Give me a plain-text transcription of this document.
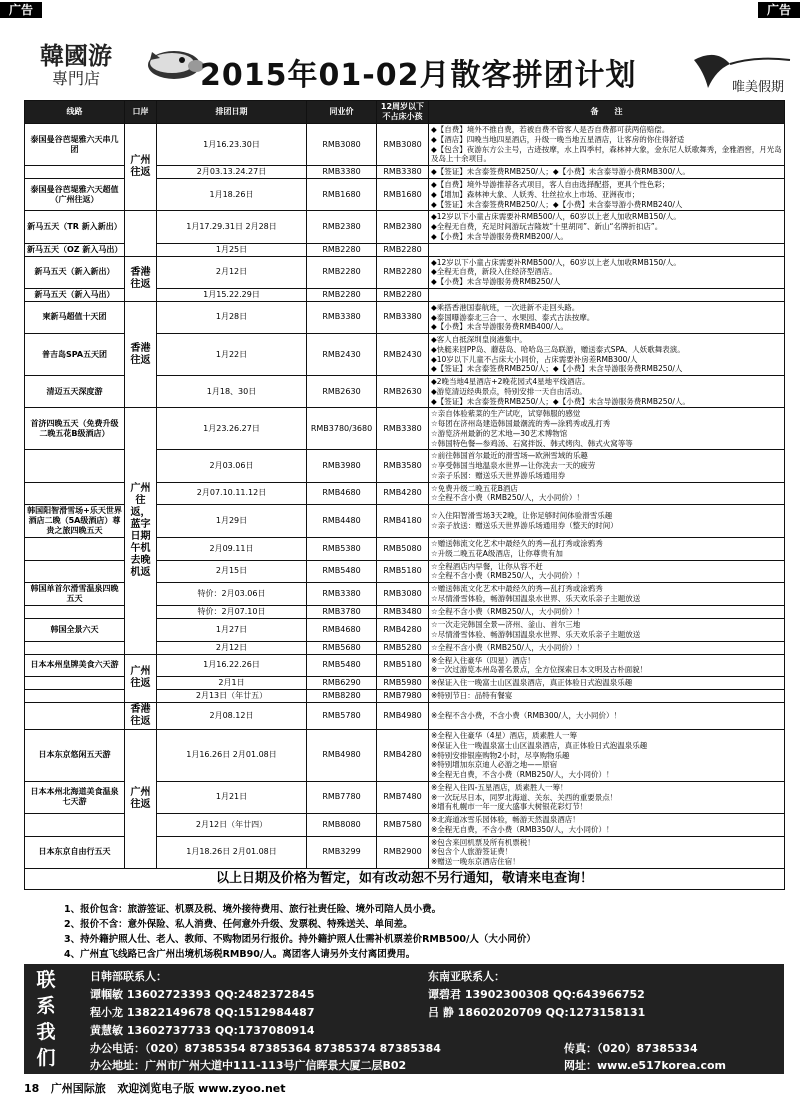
广告	广告
韓國游
專門店	2015年01-02月散客拼团计划	唯美假期
线路	口岸	排团日期	同业价	12周岁以下不占床小孩	备　　注
泰国曼谷芭堤雅六天串几团	广州往返	1月16.23.30日	RMB3080	RMB3080	◆【自费】境外不推自费，若被自费不管客人是否自费都可获两倍赔偿。
◆【酒店】四晚当地四星酒店，升级一晚当地五星酒店，让客房的你住得舒适
◆【包含】夜游东方公主号，古迹按摩，水上四季村，森林神大象，金东尼人妖歌舞秀，金雅酒窖，月光岛及岛上十余项目。
		2月03.13.24.27日	RMB3380	RMB3380	◆【签证】未含泰签费RMB250/人；◆【小费】未含泰导游小费RMB300/人。
泰国曼谷芭堤雅六天超值（广州往返）		1月18.26日	RMB1680	RMB1680	◆【自费】境外导游推荐各式项目，客人自由选择配搭，更具个性色彩；
◆【增加】森林神大象、人妖秀、壮丝拉水上市场、亚洲夜市；
◆【签证】未含泰签费RMB250/人；◆【小费】未含泰导游小费RMB240/人
新马五天（TR 新入新出）		1月17.29.31日 2月28日	RMB2380	RMB2380	◆12岁以下小童占床需要补RMB500/人，60岁以上老人加收RMB150/人。
◆全程无自费，充足时间游玩吉隆坡“十里胡同”、新山“名牌折扣店”。
◆【小费】未含导游服务费RMB200/人。
新马五天（OZ 新入马出）		1月25日	RMB2280	RMB2280	
新马五天（新入新出）	香港往返	2月12日	RMB2280	RMB2280	◆12岁以下小童占床需要补RMB500/人，60岁以上老人加收RMB150/人。
◆全程无自费，新段入住经济型酒店。
◆【小费】未含导游服务费RMB250/人
新马五天（新入马出）		1月15.22.29日	RMB2280	RMB2280	
柬新马超值十天团	香港往返	1月28日	RMB3380	RMB3380	◆乘搭香港国泰航班，一次进新不走回头路。
◆泰国曝游泰北三合一、水果园、泰式古法按摩。
◆【小费】未含导游服务费RMB400/人。
普吉岛SPA五天团		1月22日	RMB2430	RMB2430	◆客人自抵深圳皇岗港集中。
◆快艇来回PP岛、蘑菇岛、哈哈岛三岛联游，赠送泰式SPA、人妖歌舞表演。
◆10岁以下儿童不占床大小同价，占床需要补房差RMB300/人
◆【签证】未含泰签费RMB250/人；◆【小费】未含导游服务费RMB250/人
清迈五天深度游		1月18、30日	RMB2630	RMB2630	◆2晚当地4星酒店+2晚花园式4星地平线酒店。
◆游览清迈经典景点，特别安排一天自由活动。
◆【签证】未含泰签费RMB250/人；◆【小费】未含导游服务费RMB250/人。
首济四晚五天（免费升级二晚五花B级酒店）	广州往返，蓝字日期午机去晚机返	1月23.26.27日	RMB3780/3680	RMB3380	☆亲自体验紫菜的生产试吃，试穿韩服的感觉
☆每团在济州岛建造韩国最潮流的秀—涂鸦秀或乱打秀
☆游览济州最新的艺术地—30艺术博物馆
☆韩国特色餐—参鸡汤、石窝拌饭、韩式烤肉、韩式火窝等等
		2月03.06日	RMB3980	RMB3580	☆前往韩国首尔最近的滑雪场—欧洲雪域的乐趣
☆享受韩国当地温泉水世界—让你洗去一天的疲劳
☆亲子乐园：赠送乐天世界游乐场通用券
		2月07.10.11.12日	RMB4680	RMB4280	☆免费升级二晚五花B酒店
☆全程不含小费（RMB250/人，大小同价）！
韩国阳智滑雪场+乐天世界酒店二晚（5A级酒店）尊贵之旅四晚五天		1月29日	RMB4480	RMB4180	☆入住阳智滑雪场3天2晚，让你足够时间体验滑雪乐趣
☆亲子放送：赠送乐天世界游乐场通用券（整天的时间）
		2月09.11日	RMB5380	RMB5080	☆赠送韩流文化艺术中最经久的秀—乱打秀或涂鸦秀
☆升级二晚五花A级酒店，让你尊贵有加
		2月15日	RMB5480	RMB5180	☆全程酒店内早餐，让你从容不赶
☆全程不含小费（RMB250/人，大小同价）！
韩国单首尔滑雪温泉四晚五天		特价：2月03.06日	RMB3380	RMB3080	☆赠送韩流文化艺术中最经久的秀—乱打秀或涂鸦秀
☆尽情滑雪体验，畅游韩国温泉水世界、乐天欢乐亲子主题放送
		特价：2月07.10日	RMB3780	RMB3480	☆全程不含小费（RMB250/人，大小同价）！
韩国全景六天		1月27日	RMB4680	RMB4280	☆一次走完韩国全景—济州、釜山、首尔三地
☆尽情滑雪体验、畅游韩国温泉水世界、乐天欢乐亲子主题放送
		2月12日	RMB5680	RMB5280	☆全程不含小费（RMB250/人，大小同价）！
日本本州皇牌美食六天游	广州往返	1月16.22.26日	RMB5480	RMB5180	※全程入住豪华（四星）酒店！
※一次过游览本州岛著名景点，全方位探索日本文明及古朴面貌！
		2月1日	RMB6290	RMB5980	※保证入住一晚富士山区温泉酒店，真正体验日式泡温泉乐趣
		2月13日（年廿五）	RMB8280	RMB7980	※特别节日：品特有餐宴
	香港往返	2月08.12日	RMB5780	RMB4980	※全程不含小费，不含小费（RMB300/人，大小同价）！
日本东京悠闲五天游	广州往返	1月16.26日 2月01.08日	RMB4980	RMB4280	※全程入住豪华（4星）酒店，质素胜人一筹
※保证入住一晚温泉富士山区温泉酒店，真正体验日式泡温泉乐趣
※特别安排银座购物2小时，尽享购物乐趣
※特别增加东京迪人必游之地——原宿
※全程无自费，不含小费（RMB250/人，大小同价）！
日本本州北海道美食温泉七天游		1月21日	RMB7780	RMB7480	※全程入住四-五星酒店，质素胜人一筹！
※一次玩尽日本，同罗北海道、关东、关西的重要景点！
※增有札幌市一年一度大盛事大树银花彩灯节！
		2月12日（年廿四）	RMB8080	RMB7580	※北海道冰雪乐园体验，畅游天然温泉酒店！
※全程无自费，不含小费（RMB350/人，大小同价）！
日本东京自由行五天		1月18.26日 2月01.08日	RMB3299	RMB2900	※包含来回机票及所有机票税！
※包含个人旅游签证费！
※赠送一晚东京酒店住宿！
以上日期及价格为暂定，如有改动恕不另行通知，敬请来电查询！					
1、报价包含：旅游签证、机票及税、境外接待费用、旅行社责任险、境外司陪人员小费。
2、报价不含：意外保险、私人消费、任何意外升级、发票税、特殊送关、单间差。
3、持外籍护照人仕、老人、教师、不购物团另行报价。持外籍护照人仕需补机票差价RMB500/人（大小同价）
4、广州直飞线路已含广州出境机场税RMB90/人。离团客人请另外支付离团费用。
联
系
我
们
日韩部联系人：
谭帼敏 13602723393 QQ:2482372845
程小龙 13822149678 QQ:1512984487
黄慧敏 13602737733 QQ:1737080914
东南亚联系人：
谭碧君 13902300308 QQ:643966752
吕 静 18602020709 QQ:1273158131
办公电话：（020）87385354 87385364 87385374 87385384	传真：（020）87385334
办公地址：广州市广州大道中111-113号广信晖景大厦二层B02	网址：www.e517korea.com
18 广州国际旅 欢迎浏览电子版 www.zyoo.net
